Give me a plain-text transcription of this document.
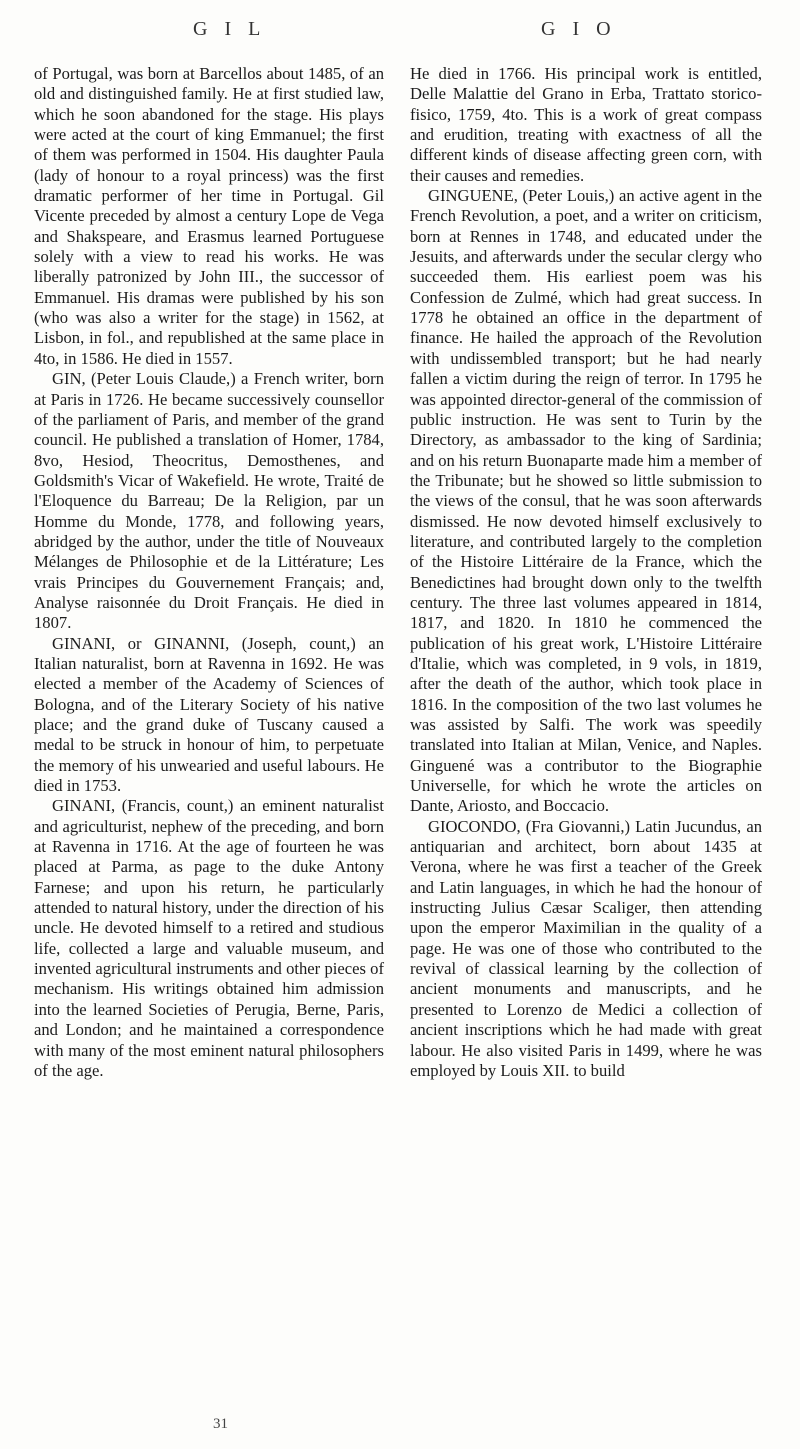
G I L	G I O

of Portugal, was born at Barcellos about 1485, of an old and distinguished family. He at first studied law, which he soon abandoned for the stage. His plays were acted at the court of king Emmanuel; the first of them was performed in 1504. His daughter Paula (lady of honour to a royal princess) was the first dramatic performer of her time in Portugal. Gil Vicente preceded by almost a century Lope de Vega and Shakspeare, and Erasmus learned Portuguese solely with a view to read his works. He was liberally patronized by John III., the successor of Emmanuel. His dramas were published by his son (who was also a writer for the stage) in 1562, at Lisbon, in fol., and republished at the same place in 4to, in 1586. He died in 1557.

GIN, (Peter Louis Claude,) a French writer, born at Paris in 1726. He became successively counsellor of the parliament of Paris, and member of the grand council. He published a translation of Homer, 1784, 8vo, Hesiod, Theocritus, Demosthenes, and Goldsmith's Vicar of Wakefield. He wrote, Traité de l'Eloquence du Barreau; De la Religion, par un Homme du Monde, 1778, and following years, abridged by the author, under the title of Nouveaux Mélanges de Philosophie et de la Littérature; Les vrais Principes du Gouvernement Français; and, Analyse raisonnée du Droit Français. He died in 1807.

GINANI, or GINANNI, (Joseph, count,) an Italian naturalist, born at Ravenna in 1692. He was elected a member of the Academy of Sciences of Bologna, and of the Literary Society of his native place; and the grand duke of Tuscany caused a medal to be struck in honour of him, to perpetuate the memory of his unwearied and useful labours. He died in 1753.

GINANI, (Francis, count,) an eminent naturalist and agriculturist, nephew of the preceding, and born at Ravenna in 1716. At the age of fourteen he was placed at Parma, as page to the duke Antony Farnese; and upon his return, he particularly attended to natural history, under the direction of his uncle. He devoted himself to a retired and studious life, collected a large and valuable museum, and invented agricultural instruments and other pieces of mechanism. His writings obtained him admission into the learned Societies of Perugia, Berne, Paris, and London; and he maintained a correspondence with many of the most eminent natural philosophers of the age.

He died in 1766. His principal work is entitled, Delle Malattie del Grano in Erba, Trattato storico-fisico, 1759, 4to. This is a work of great compass and erudition, treating with exactness of all the different kinds of disease affecting green corn, with their causes and remedies.

GINGUENE, (Peter Louis,) an active agent in the French Revolution, a poet, and a writer on criticism, born at Rennes in 1748, and educated under the Jesuits, and afterwards under the secular clergy who succeeded them. His earliest poem was his Confession de Zulmé, which had great success. In 1778 he obtained an office in the department of finance. He hailed the approach of the Revolution with undissembled transport; but he had nearly fallen a victim during the reign of terror. In 1795 he was appointed director-general of the commission of public instruction. He was sent to Turin by the Directory, as ambassador to the king of Sardinia; and on his return Buonaparte made him a member of the Tribunate; but he showed so little submission to the views of the consul, that he was soon afterwards dismissed. He now devoted himself exclusively to literature, and contributed largely to the completion of the Histoire Littéraire de la France, which the Benedictines had brought down only to the twelfth century. The three last volumes appeared in 1814, 1817, and 1820. In 1810 he commenced the publication of his great work, L'Histoire Littéraire d'Italie, which was completed, in 9 vols, in 1819, after the death of the author, which took place in 1816. In the composition of the two last volumes he was assisted by Salfi. The work was speedily translated into Italian at Milan, Venice, and Naples. Ginguené was a contributor to the Biographie Universelle, for which he wrote the articles on Dante, Ariosto, and Boccacio.

GIOCONDO, (Fra Giovanni,) Latin Jucundus, an antiquarian and architect, born about 1435 at Verona, where he was first a teacher of the Greek and Latin languages, in which he had the honour of instructing Julius Cæsar Scaliger, then attending upon the emperor Maximilian in the quality of a page. He was one of those who contributed to the revival of classical learning by the collection of ancient monuments and manuscripts, and he presented to Lorenzo de Medici a collection of ancient inscriptions which he had made with great labour. He also visited Paris in 1499, where he was employed by Louis XII. to build

31
